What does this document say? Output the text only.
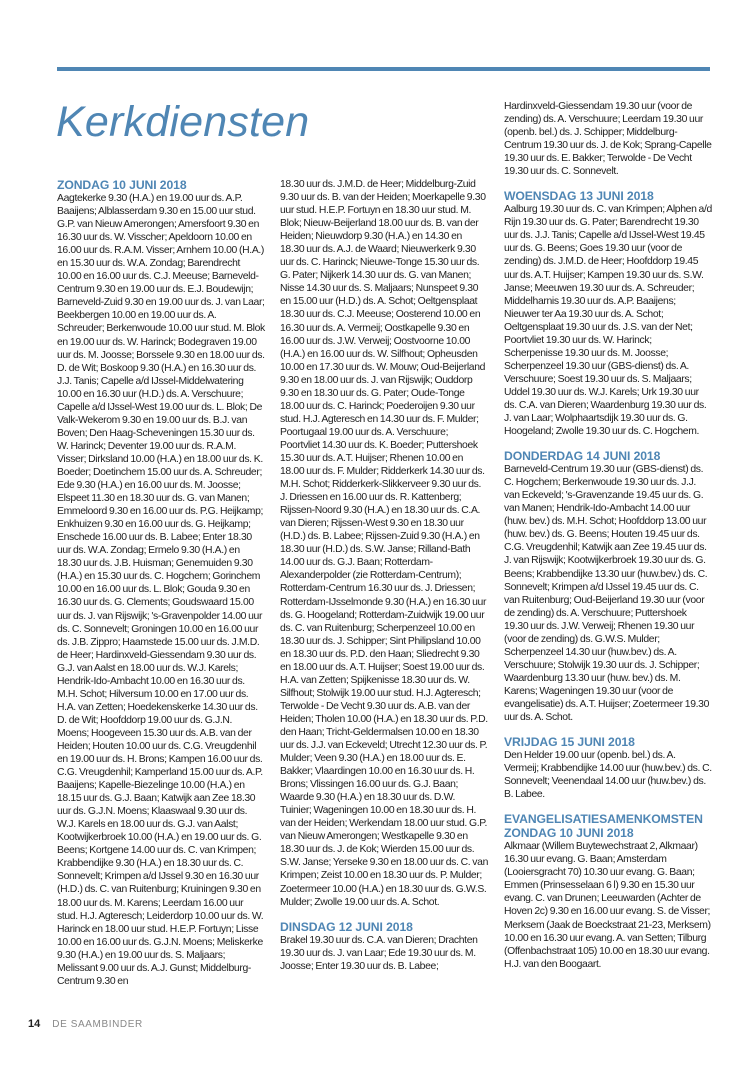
Kerkdiensten

ZONDAG 10 JUNI 2018

Aagtekerke 9.30 (H.A.) en 19.00 uur ds. A.P. Baaijens; Alblasserdam 9.30 en 15.00 uur stud. G.P. van Nieuw Amerongen; Amersfoort 9.30 en 16.30 uur ds. W. Visscher; Apeldoorn 10.00 en 16.00 uur ds. R.A.M. Visser; Arnhem 10.00 (H.A.) en 15.30 uur ds. W.A. Zondag; Barendrecht 10.00 en 16.00 uur ds. C.J. Meeuse; Barneveld-Centrum 9.30 en 19.00 uur ds. E.J. Boudewijn; Barneveld-Zuid 9.30 en 19.00 uur ds. J. van Laar; Beekbergen 10.00 en 19.00 uur ds. A. Schreuder; Berkenwoude 10.00 uur stud. M. Blok en 19.00 uur ds. W. Harinck; Bodegraven 19.00 uur ds. M. Joosse; Borssele 9.30 en 18.00 uur ds. D. de Wit; Boskoop 9.30 (H.A.) en 16.30 uur ds. J.J. Tanis; Capelle a/d IJssel-Middelwatering 10.00 en 16.30 uur (H.D.) ds. A. Verschuure; Capelle a/d IJssel-West 19.00 uur ds. L. Blok; De Valk-Wekerom 9.30 en 19.00 uur ds. B.J. van Boven; Den Haag-Scheveningen 15.30 uur ds. W. Harinck; Deventer 19.00 uur ds. R.A.M. Visser; Dirksland 10.00 (H.A.) en 18.00 uur ds. K. Boeder; Doetinchem 15.00 uur ds. A. Schreuder; Ede 9.30 (H.A.) en 16.00 uur ds. M. Joosse; Elspeet 11.30 en 18.30 uur ds. G. van Manen; Emmeloord 9.30 en 16.00 uur ds. P.G. Heijkamp; Enkhuizen 9.30 en 16.00 uur ds. G. Heijkamp; Enschede 16.00 uur ds. B. Labee; Enter 18.30 uur ds. W.A. Zondag; Ermelo 9.30 (H.A.) en 18.30 uur ds. J.B. Huisman; Genemuiden 9.30 (H.A.) en 15.30 uur ds. C. Hogchem; Gorinchem 10.00 en 16.00 uur ds. L. Blok; Gouda 9.30 en 16.30 uur ds. G. Clements; Goudswaard 15.00 uur ds. J. van Rijswijk; 's-Gravenpolder 14.00 uur ds. C. Sonnevelt; Groningen 10.00 en 16.00 uur ds. J.B. Zippro; Haamstede 15.00 uur ds. J.M.D. de Heer; Hardinxveld-Giessendam 9.30 uur ds. G.J. van Aalst en 18.00 uur ds. W.J. Karels; Hendrik-Ido-Ambacht 10.00 en 16.30 uur ds. M.H. Schot; Hilversum 10.00 en 17.00 uur ds. H.A. van Zetten; Hoedekenskerke 14.30 uur ds. D. de Wit; Hoofddorp 19.00 uur ds. G.J.N. Moens; Hoogeveen 15.30 uur ds. A.B. van der Heiden; Houten 10.00 uur ds. C.G. Vreugdenhil en 19.00 uur ds. H. Brons; Kampen 16.00 uur ds. C.G. Vreugdenhil; Kamperland 15.00 uur ds. A.P. Baaijens; Kapelle-Biezelinge 10.00 (H.A.) en 18.15 uur ds. G.J. Baan; Katwijk aan Zee 18.30 uur ds. G.J.N. Moens; Klaaswaal 9.30 uur ds. W.J. Karels en 18.00 uur ds. G.J. van Aalst; Kootwijkerbroek 10.00 (H.A.) en 19.00 uur ds. G. Beens; Kortgene 14.00 uur ds. C. van Krimpen; Krabbendijke 9.30 (H.A.) en 18.30 uur ds. C. Sonnevelt; Krimpen a/d IJssel 9.30 en 16.30 uur (H.D.) ds. C. van Ruitenburg; Kruiningen 9.30 en 18.00 uur ds. M. Karens; Leerdam 16.00 uur stud. H.J. Agteresch; Leiderdorp 10.00 uur ds. W. Harinck en 18.00 uur stud. H.E.P. Fortuyn; Lisse 10.00 en 16.00 uur ds. G.J.N. Moens; Meliskerke 9.30 (H.A.) en 19.00 uur ds. S. Maljaars; Melissant 9.00 uur ds. A.J. Gunst; Middelburg-Centrum 9.30 en

18.30 uur ds. J.M.D. de Heer; Middelburg-Zuid 9.30 uur ds. B. van der Heiden; Moerkapelle 9.30 uur stud. H.E.P. Fortuyn en 18.30 uur stud. M. Blok; Nieuw-Beijerland 18.00 uur ds. B. van der Heiden; Nieuwdorp 9.30 (H.A.) en 14.30 en 18.30 uur ds. A.J. de Waard; Nieuwerkerk 9.30 uur ds. C. Harinck; Nieuwe-Tonge 15.30 uur ds. G. Pater; Nijkerk 14.30 uur ds. G. van Manen; Nisse 14.30 uur ds. S. Maljaars; Nunspeet 9.30 en 15.00 uur (H.D.) ds. A. Schot; Oeltgensplaat 18.30 uur ds. C.J. Meeuse; Oosterend 10.00 en 16.30 uur ds. A. Vermeij; Oostkapelle 9.30 en 16.00 uur ds. J.W. Verweij; Oostvoorne 10.00 (H.A.) en 16.00 uur ds. W. Silfhout; Opheusden 10.00 en 17.30 uur ds. W. Mouw; Oud-Beijerland 9.30 en 18.00 uur ds. J. van Rijswijk; Ouddorp 9.30 en 18.30 uur ds. G. Pater; Oude-Tonge 18.00 uur ds. C. Harinck; Poederoijen 9.30 uur stud. H.J. Agteresch en 14.30 uur ds. F. Mulder; Poortugaal 19.00 uur ds. A. Verschuure; Poortvliet 14.30 uur ds. K. Boeder; Puttershoek 15.30 uur ds. A.T. Huijser; Rhenen 10.00 en 18.00 uur ds. F. Mulder; Ridderkerk 14.30 uur ds. M.H. Schot; Ridderkerk-Slikkerveer 9.30 uur ds. J. Driessen en 16.00 uur ds. R. Kattenberg; Rijssen-Noord 9.30 (H.A.) en 18.30 uur ds. C.A. van Dieren; Rijssen-West 9.30 en 18.30 uur (H.D.) ds. B. Labee; Rijssen-Zuid 9.30 (H.A.) en 18.30 uur (H.D.) ds. S.W. Janse; Rilland-Bath 14.00 uur ds. G.J. Baan; Rotterdam-Alexanderpolder (zie Rotterdam-Centrum); Rotterdam-Centrum 16.30 uur ds. J. Driessen; Rotterdam-IJsselmonde 9.30 (H.A.) en 16.30 uur ds. G. Hoogeland; Rotterdam-Zuidwijk 19.00 uur ds. C. van Ruitenburg; Scherpenzeel 10.00 en 18.30 uur ds. J. Schipper; Sint Philipsland 10.00 en 18.30 uur ds. P.D. den Haan; Sliedrecht 9.30 en 18.00 uur ds. A.T. Huijser; Soest 19.00 uur ds. H.A. van Zetten; Spijkenisse 18.30 uur ds. W. Silfhout; Stolwijk 19.00 uur stud. H.J. Agteresch; Terwolde - De Vecht 9.30 uur ds. A.B. van der Heiden; Tholen 10.00 (H.A.) en 18.30 uur ds. P.D. den Haan; Tricht-Geldermalsen 10.00 en 18.30 uur ds. J.J. van Eckeveld; Utrecht 12.30 uur ds. P. Mulder; Veen 9.30 (H.A.) en 18.00 uur ds. E. Bakker; Vlaardingen 10.00 en 16.30 uur ds. H. Brons; Vlissingen 16.00 uur ds. G.J. Baan; Waarde 9.30 (H.A.) en 18.30 uur ds. D.W. Tuinier; Wageningen 10.00 en 18.30 uur ds. H. van der Heiden; Werkendam 18.00 uur stud. G.P. van Nieuw Amerongen; Westkapelle 9.30 en 18.30 uur ds. J. de Kok; Wierden 15.00 uur ds. S.W. Janse; Yerseke 9.30 en 18.00 uur ds. C. van Krimpen; Zeist 10.00 en 18.30 uur ds. P. Mulder; Zoetermeer 10.00 (H.A.) en 18.30 uur ds. G.W.S. Mulder; Zwolle 19.00 uur ds. A. Schot.

DINSDAG 12 JUNI 2018

Brakel 19.30 uur ds. C.A. van Dieren; Drachten 19.30 uur ds. J. van Laar; Ede 19.30 uur ds. M. Joosse; Enter 19.30 uur ds. B. Labee;

Hardinxveld-Giessendam 19.30 uur (voor de zending) ds. A. Verschuure; Leerdam 19.30 uur (openb. bel.) ds. J. Schipper; Middelburg-Centrum 19.30 uur ds. J. de Kok; Sprang-Capelle 19.30 uur ds. E. Bakker; Terwolde - De Vecht 19.30 uur ds. C. Sonnevelt.

WOENSDAG 13 JUNI 2018

Aalburg 19.30 uur ds. C. van Krimpen; Alphen a/d Rijn 19.30 uur ds. G. Pater; Barendrecht 19.30 uur ds. J.J. Tanis; Capelle a/d IJssel-West 19.45 uur ds. G. Beens; Goes 19.30 uur (voor de zending) ds. J.M.D. de Heer; Hoofddorp 19.45 uur ds. A.T. Huijser; Kampen 19.30 uur ds. S.W. Janse; Meeuwen 19.30 uur ds. A. Schreuder; Middelharnis 19.30 uur ds. A.P. Baaijens; Nieuwer ter Aa 19.30 uur ds. A. Schot; Oeltgensplaat 19.30 uur ds. J.S. van der Net; Poortvliet 19.30 uur ds. W. Harinck; Scherpenisse 19.30 uur ds. M. Joosse; Scherpenzeel 19.30 uur (GBS-dienst) ds. A. Verschuure; Soest 19.30 uur ds. S. Maljaars; Uddel 19.30 uur ds. W.J. Karels; Urk 19.30 uur ds. C.A. van Dieren; Waardenburg 19.30 uur ds. J. van Laar; Wolphaartsdijk 19.30 uur ds. G. Hoogeland; Zwolle 19.30 uur ds. C. Hogchem.

DONDERDAG 14 JUNI 2018

Barneveld-Centrum 19.30 uur (GBS-dienst) ds. C. Hogchem; Berkenwoude 19.30 uur ds. J.J. van Eckeveld; 's-Gravenzande 19.45 uur ds. G. van Manen; Hendrik-Ido-Ambacht 14.00 uur (huw. bev.) ds. M.H. Schot; Hoofddorp 13.00 uur (huw. bev.) ds. G. Beens; Houten 19.45 uur ds. C.G. Vreugdenhil; Katwijk aan Zee 19.45 uur ds. J. van Rijswijk; Kootwijkerbroek 19.30 uur ds. G. Beens; Krabbendijke 13.30 uur (huw.bev.) ds. C. Sonnevelt; Krimpen a/d IJssel 19.45 uur ds. C. van Ruitenburg; Oud-Beijerland 19.30 uur (voor de zending) ds. A. Verschuure; Puttershoek 19.30 uur ds. J.W. Verweij; Rhenen 19.30 uur (voor de zending) ds. G.W.S. Mulder; Scherpenzeel 14.30 uur (huw.bev.) ds. A. Verschuure; Stolwijk 19.30 uur ds. J. Schipper; Waardenburg 13.30 uur (huw. bev.) ds. M. Karens; Wageningen 19.30 uur (voor de evangelisatie) ds. A.T. Huijser; Zoetermeer 19.30 uur ds. A. Schot.

VRIJDAG 15 JUNI 2018

Den Helder 19.00 uur (openb. bel.) ds. A. Vermeij; Krabbendijke 14.00 uur (huw.bev.) ds. C. Sonnevelt; Veenendaal 14.00 uur (huw.bev.) ds. B. Labee.

EVANGELISATIESAMENKOMSTEN

ZONDAG 10 JUNI 2018

Alkmaar (Willem Buytewechstraat 2, Alkmaar) 16.30 uur evang. G. Baan; Amsterdam (Looiersgracht 70) 10.30 uur evang. G. Baan; Emmen (Prinsesselaan 6 l) 9.30 en 15.30 uur evang. C. van Drunen; Leeuwarden (Achter de Hoven 2c) 9.30 en 16.00 uur evang. S. de Visser; Merksem (Jaak de Boeckstraat 21-23, Merksem) 10.00 en 16.30 uur evang. A. van Setten; Tilburg (Offenbachstraat 105) 10.00 en 18.30 uur evang. H.J. van den Boogaart.

14 DE SAAMBINDER
